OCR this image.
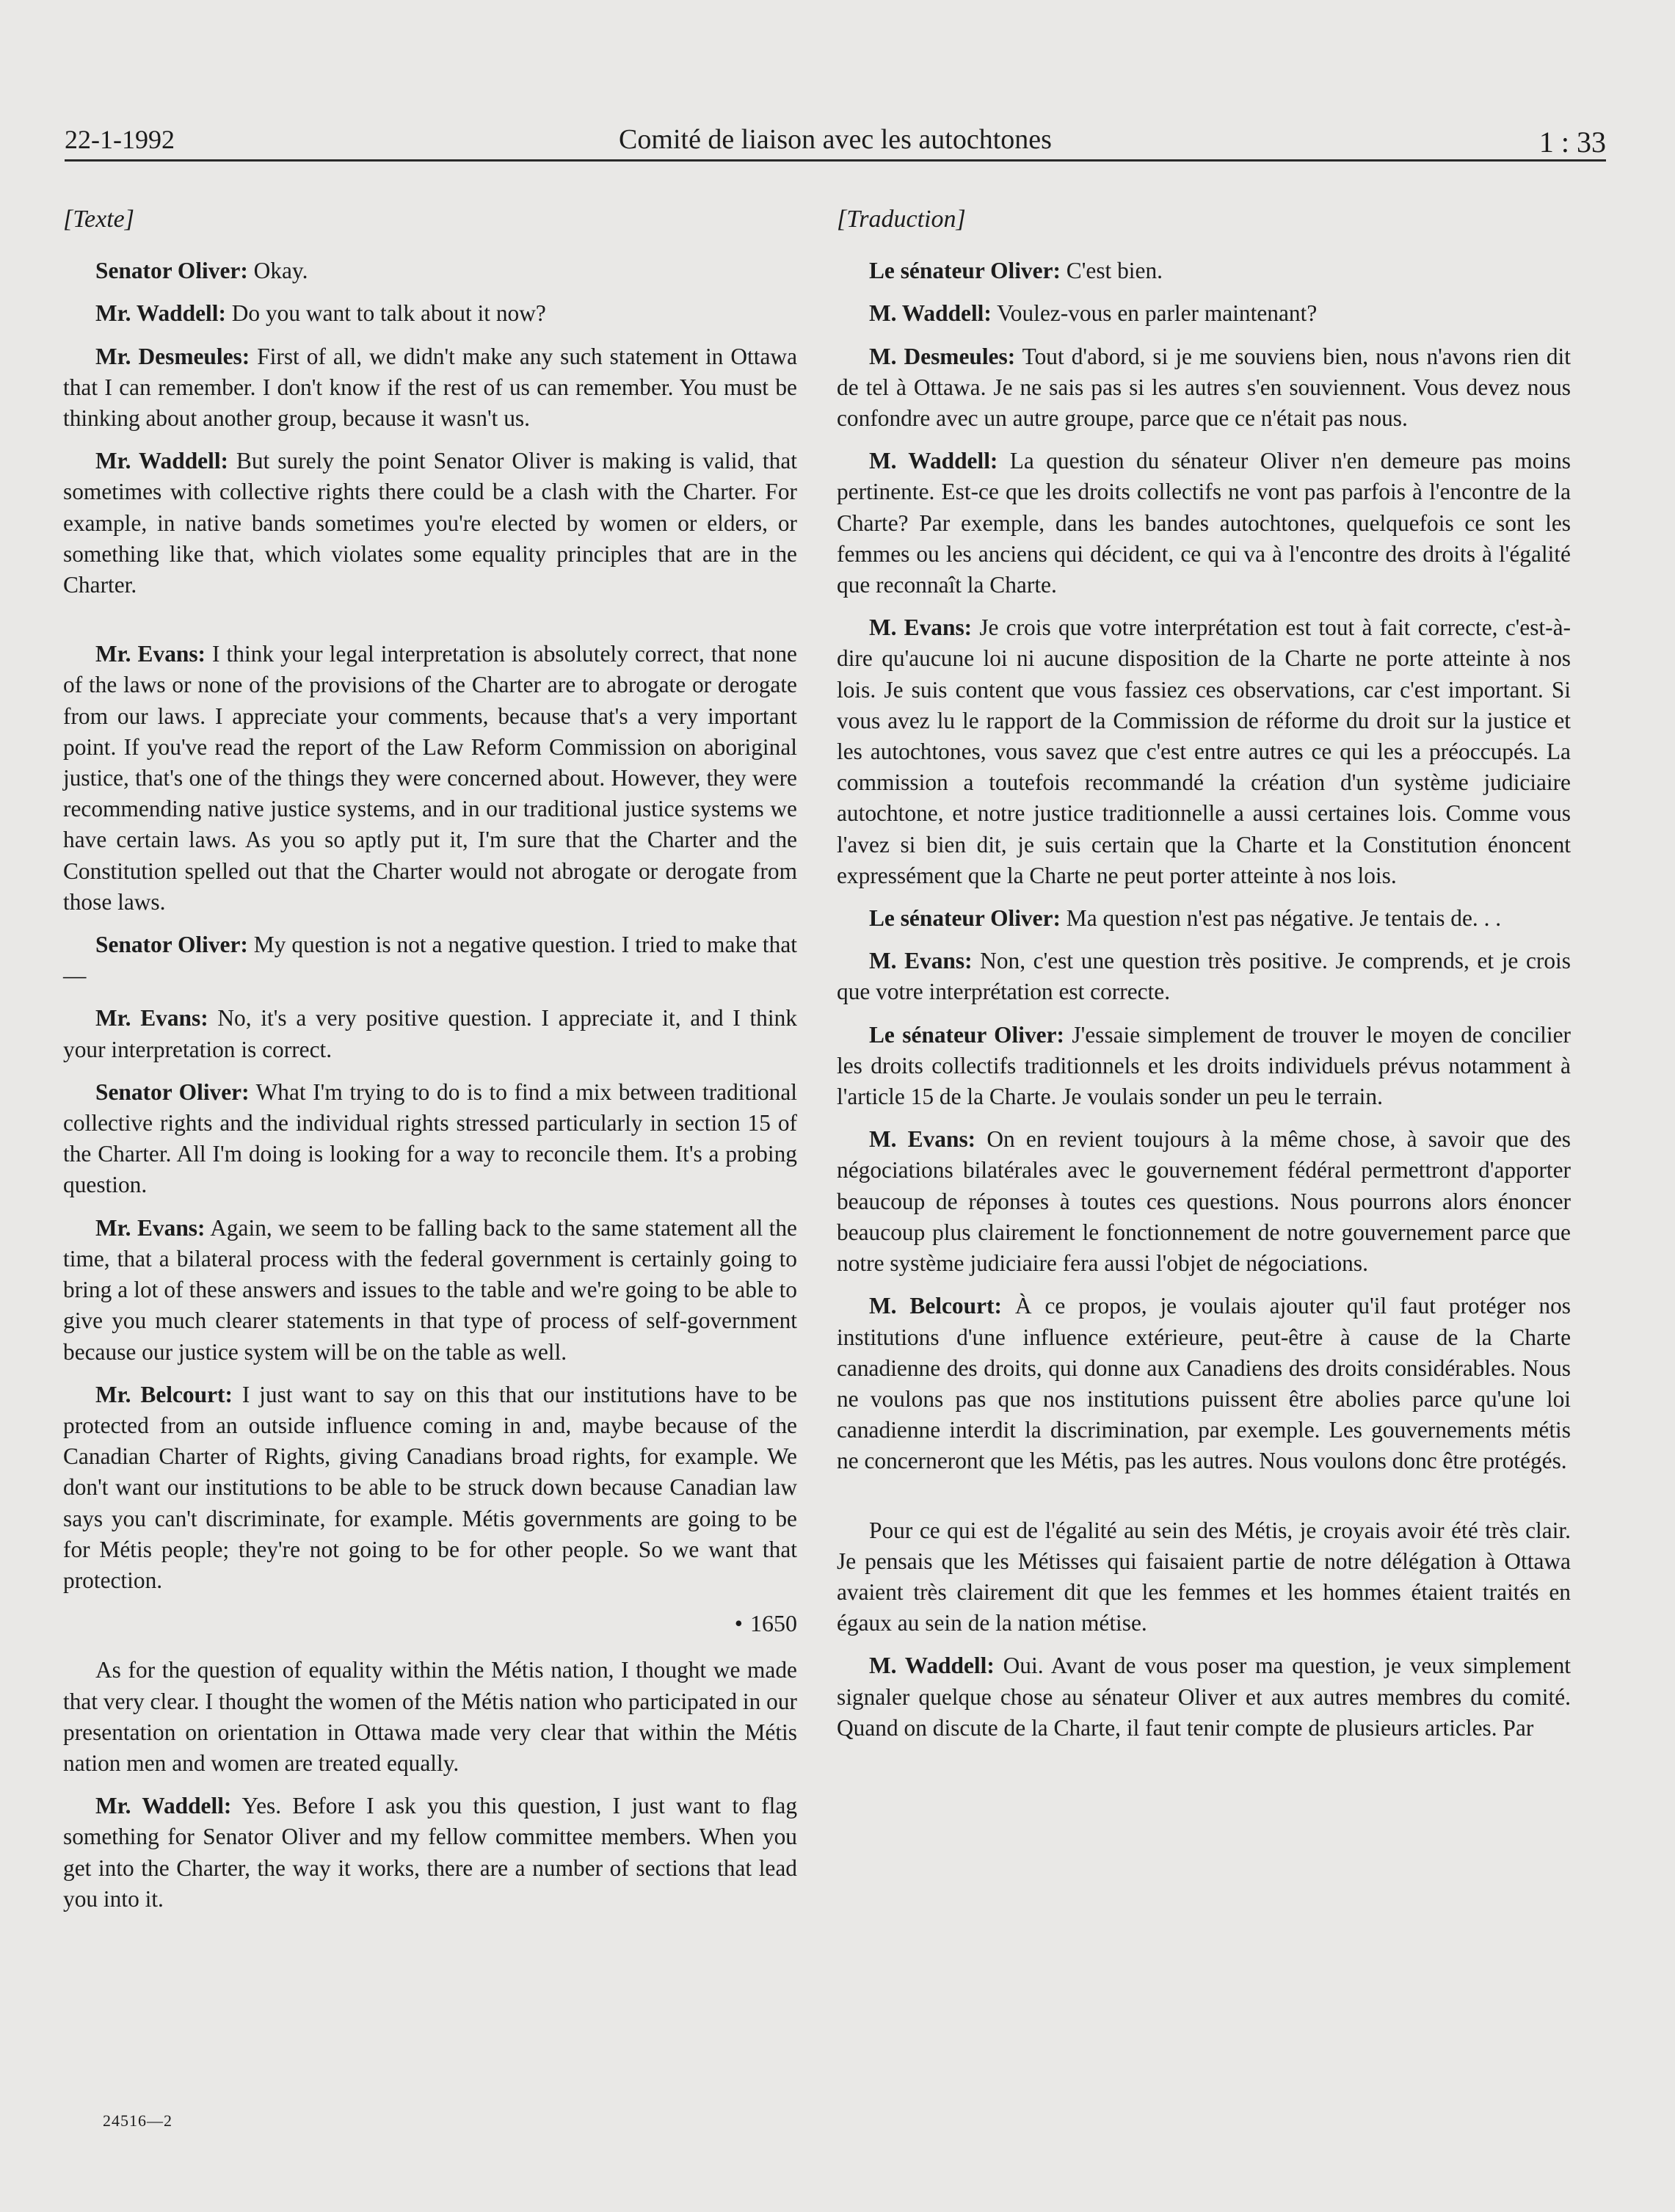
22-1-1992	Comité de liaison avec les autochtones	1 : 33
[Texte]

Senator Oliver: Okay.

Mr. Waddell: Do you want to talk about it now?

Mr. Desmeules: First of all, we didn't make any such statement in Ottawa that I can remember. I don't know if the rest of us can remember. You must be thinking about another group, because it wasn't us.

Mr. Waddell: But surely the point Senator Oliver is making is valid, that sometimes with collective rights there could be a clash with the Charter. For example, in native bands sometimes you're elected by women or elders, or something like that, which violates some equality principles that are in the Charter.

Mr. Evans: I think your legal interpretation is absolutely correct, that none of the laws or none of the provisions of the Charter are to abrogate or derogate from our laws. I appreciate your comments, because that's a very important point. If you've read the report of the Law Reform Commission on aboriginal justice, that's one of the things they were concerned about. However, they were recommending native justice systems, and in our traditional justice systems we have certain laws. As you so aptly put it, I'm sure that the Charter and the Constitution spelled out that the Charter would not abrogate or derogate from those laws.

Senator Oliver: My question is not a negative question. I tried to make that—

Mr. Evans: No, it's a very positive question. I appreciate it, and I think your interpretation is correct.

Senator Oliver: What I'm trying to do is to find a mix between traditional collective rights and the individual rights stressed particularly in section 15 of the Charter. All I'm doing is looking for a way to reconcile them. It's a probing question.

Mr. Evans: Again, we seem to be falling back to the same statement all the time, that a bilateral process with the federal government is certainly going to bring a lot of these answers and issues to the table and we're going to be able to give you much clearer statements in that type of process of self-government because our justice system will be on the table as well.

Mr. Belcourt: I just want to say on this that our institutions have to be protected from an outside influence coming in and, maybe because of the Canadian Charter of Rights, giving Canadians broad rights, for example. We don't want our institutions to be able to be struck down because Canadian law says you can't discriminate, for example. Métis governments are going to be for Métis people; they're not going to be for other people. So we want that protection.

• 1650

As for the question of equality within the Métis nation, I thought we made that very clear. I thought the women of the Métis nation who participated in our presentation on orientation in Ottawa made very clear that within the Métis nation men and women are treated equally.

Mr. Waddell: Yes. Before I ask you this question, I just want to flag something for Senator Oliver and my fellow committee members. When you get into the Charter, the way it works, there are a number of sections that lead you into it.

[Traduction]

Le sénateur Oliver: C'est bien.

M. Waddell: Voulez-vous en parler maintenant?

M. Desmeules: Tout d'abord, si je me souviens bien, nous n'avons rien dit de tel à Ottawa. Je ne sais pas si les autres s'en souviennent. Vous devez nous confondre avec un autre groupe, parce que ce n'était pas nous.

M. Waddell: La question du sénateur Oliver n'en demeure pas moins pertinente. Est-ce que les droits collectifs ne vont pas parfois à l'encontre de la Charte? Par exemple, dans les bandes autochtones, quelquefois ce sont les femmes ou les anciens qui décident, ce qui va à l'encontre des droits à l'égalité que reconnaît la Charte.

M. Evans: Je crois que votre interprétation est tout à fait correcte, c'est-à-dire qu'aucune loi ni aucune disposition de la Charte ne porte atteinte à nos lois. Je suis content que vous fassiez ces observations, car c'est important. Si vous avez lu le rapport de la Commission de réforme du droit sur la justice et les autochtones, vous savez que c'est entre autres ce qui les a préoccupés. La commission a toutefois recommandé la création d'un système judiciaire autochtone, et notre justice traditionnelle a aussi certaines lois. Comme vous l'avez si bien dit, je suis certain que la Charte et la Constitution énoncent expressément que la Charte ne peut porter atteinte à nos lois.

Le sénateur Oliver: Ma question n'est pas négative. Je tentais de. . .

M. Evans: Non, c'est une question très positive. Je comprends, et je crois que votre interprétation est correcte.

Le sénateur Oliver: J'essaie simplement de trouver le moyen de concilier les droits collectifs traditionnels et les droits individuels prévus notamment à l'article 15 de la Charte. Je voulais sonder un peu le terrain.

M. Evans: On en revient toujours à la même chose, à savoir que des négociations bilatérales avec le gouvernement fédéral permettront d'apporter beaucoup de réponses à toutes ces questions. Nous pourrons alors énoncer beaucoup plus clairement le fonctionnement de notre gouvernement parce que notre système judiciaire fera aussi l'objet de négociations.

M. Belcourt: À ce propos, je voulais ajouter qu'il faut protéger nos institutions d'une influence extérieure, peut-être à cause de la Charte canadienne des droits, qui donne aux Canadiens des droits considérables. Nous ne voulons pas que nos institutions puissent être abolies parce qu'une loi canadienne interdit la discrimination, par exemple. Les gouvernements métis ne concerneront que les Métis, pas les autres. Nous voulons donc être protégés.

Pour ce qui est de l'égalité au sein des Métis, je croyais avoir été très clair. Je pensais que les Métisses qui faisaient partie de notre délégation à Ottawa avaient très clairement dit que les femmes et les hommes étaient traités en égaux au sein de la nation métise.

M. Waddell: Oui. Avant de vous poser ma question, je veux simplement signaler quelque chose au sénateur Oliver et aux autres membres du comité. Quand on discute de la Charte, il faut tenir compte de plusieurs articles. Par

24516—2
